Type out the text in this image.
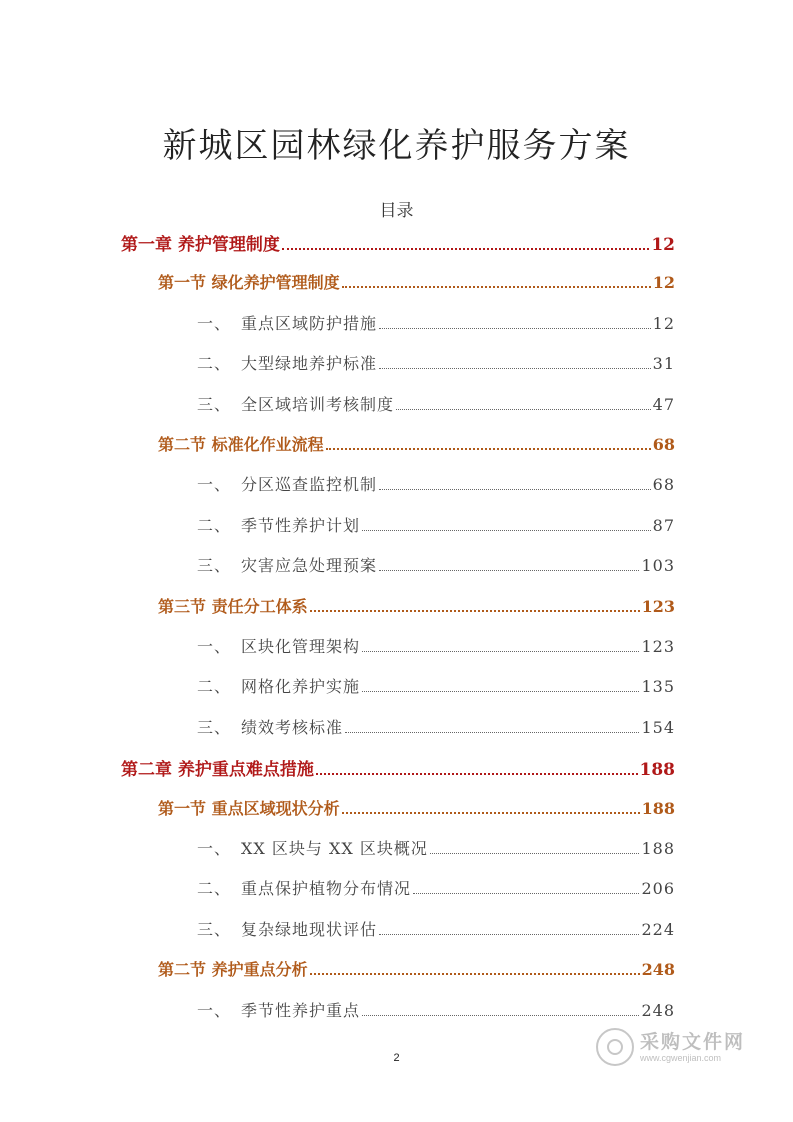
新城区园林绿化养护服务方案
目录
第一章 养护管理制度	12
第一节 绿化养护管理制度	12
一、 重点区域防护措施	12
二、 大型绿地养护标准	31
三、 全区域培训考核制度	47
第二节 标准化作业流程	68
一、 分区巡查监控机制	68
二、 季节性养护计划	87
三、 灾害应急处理预案	103
第三节 责任分工体系	123
一、 区块化管理架构	123
二、 网格化养护实施	135
三、 绩效考核标准	154
第二章 养护重点难点措施	188
第一节 重点区域现状分析	188
一、 XX 区块与 XX 区块概况	188
二、 重点保护植物分布情况	206
三、 复杂绿地现状评估	224
第二节 养护重点分析	248
一、 季节性养护重点	248
2
采购文件网
www.cgwenjian.com
